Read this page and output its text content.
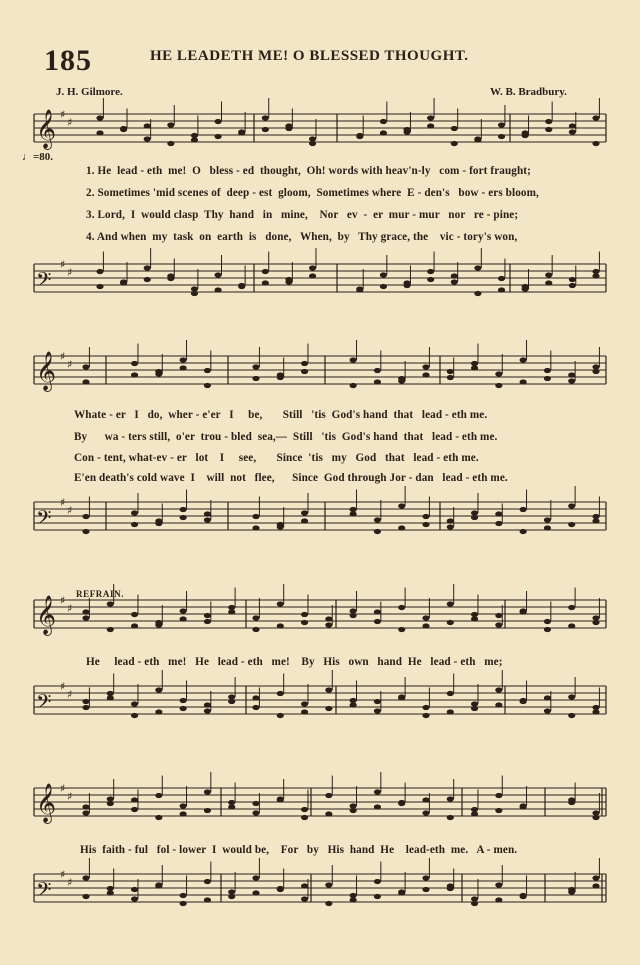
185	HE LEADETH ME! O BLESSED THOUGHT.
J. H. Gilmore.	W. B. Bradbury.
♩=80.
𝄞 ♯
♯
𝄢
♯
♯
𝄞 ♯
♯
𝄢
♯
♯
𝄞 ♯
♯
𝄢
♯
♯
𝄞 ♯
♯
𝄢
♯
♯
1. He  lead - eth  me!  O   bless - ed  thought,  Oh! words with heav'n-ly   com - fort fraught;
2. Sometimes 'mid scenes of  deep - est  gloom,  Sometimes where  E - den's   bow - ers bloom,
3. Lord,  I  would clasp  Thy  hand   in   mine,    Nor   ev  -  er  mur - mur   nor   re - pine;
4. And when  my  task  on  earth  is   done,   When,  by   Thy grace, the    vic - tory's won,
Whate - er   I   do,  wher - e'er   I     be,       Still   'tis  God's hand  that   lead - eth me.
By      wa - ters still,  o'er  trou - bled  sea,—  Still   'tis  God's hand  that   lead - eth me.
Con - tent, what-ev - er   lot    I     see,       Since  'tis   my   God   that   lead - eth me.
E'en death's cold wave  I    will  not   flee,      Since  God through Jor - dan   lead - eth me.
REFRAIN.
He     lead - eth   me!   He   lead - eth   me!    By   His   own   hand  He   lead - eth   me;
His  faith - ful   fol - lower  I  would be,    For   by   His  hand  He    lead-eth  me.   A - men.
